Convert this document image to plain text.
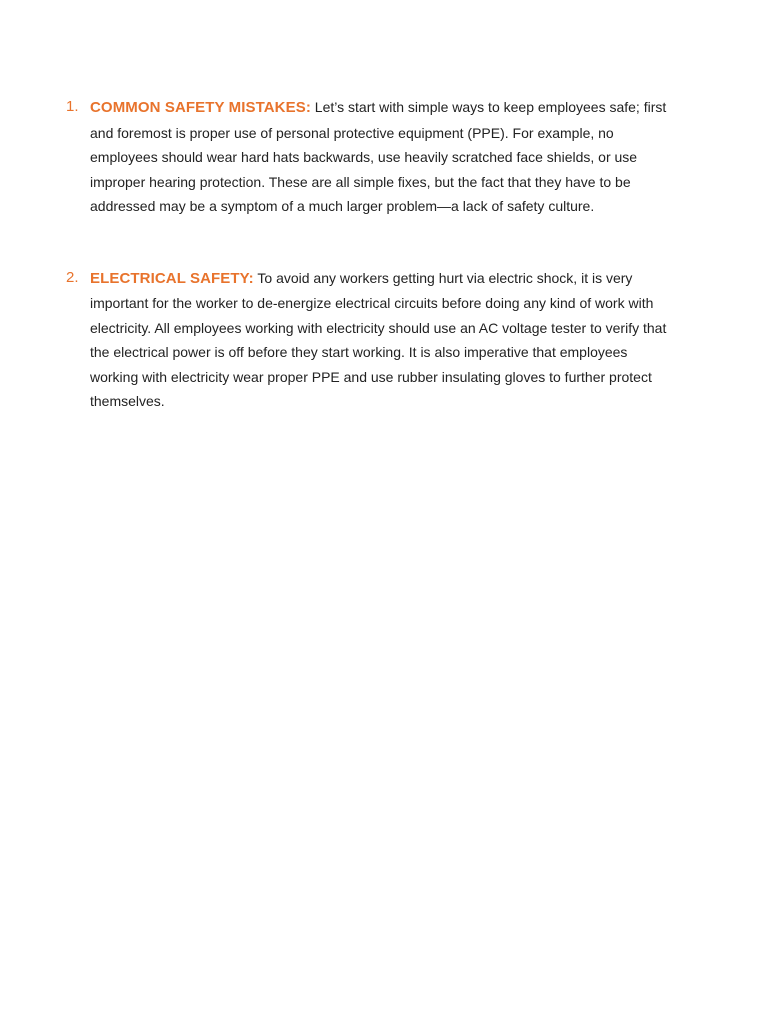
1. COMMON SAFETY MISTAKES: Let’s start with simple ways to keep employees safe; first and foremost is proper use of personal protective equipment (PPE). For example, no employees should wear hard hats backwards, use heavily scratched face shields, or use improper hearing protection. These are all simple fixes, but the fact that they have to be addressed may be a symptom of a much larger problem—a lack of safety culture.
2. ELECTRICAL SAFETY: To avoid any workers getting hurt via electric shock, it is very important for the worker to de-energize electrical circuits before doing any kind of work with electricity. All employees working with electricity should use an AC voltage tester to verify that the electrical power is off before they start working. It is also imperative that employees working with electricity wear proper PPE and use rubber insulating gloves to further protect themselves.
